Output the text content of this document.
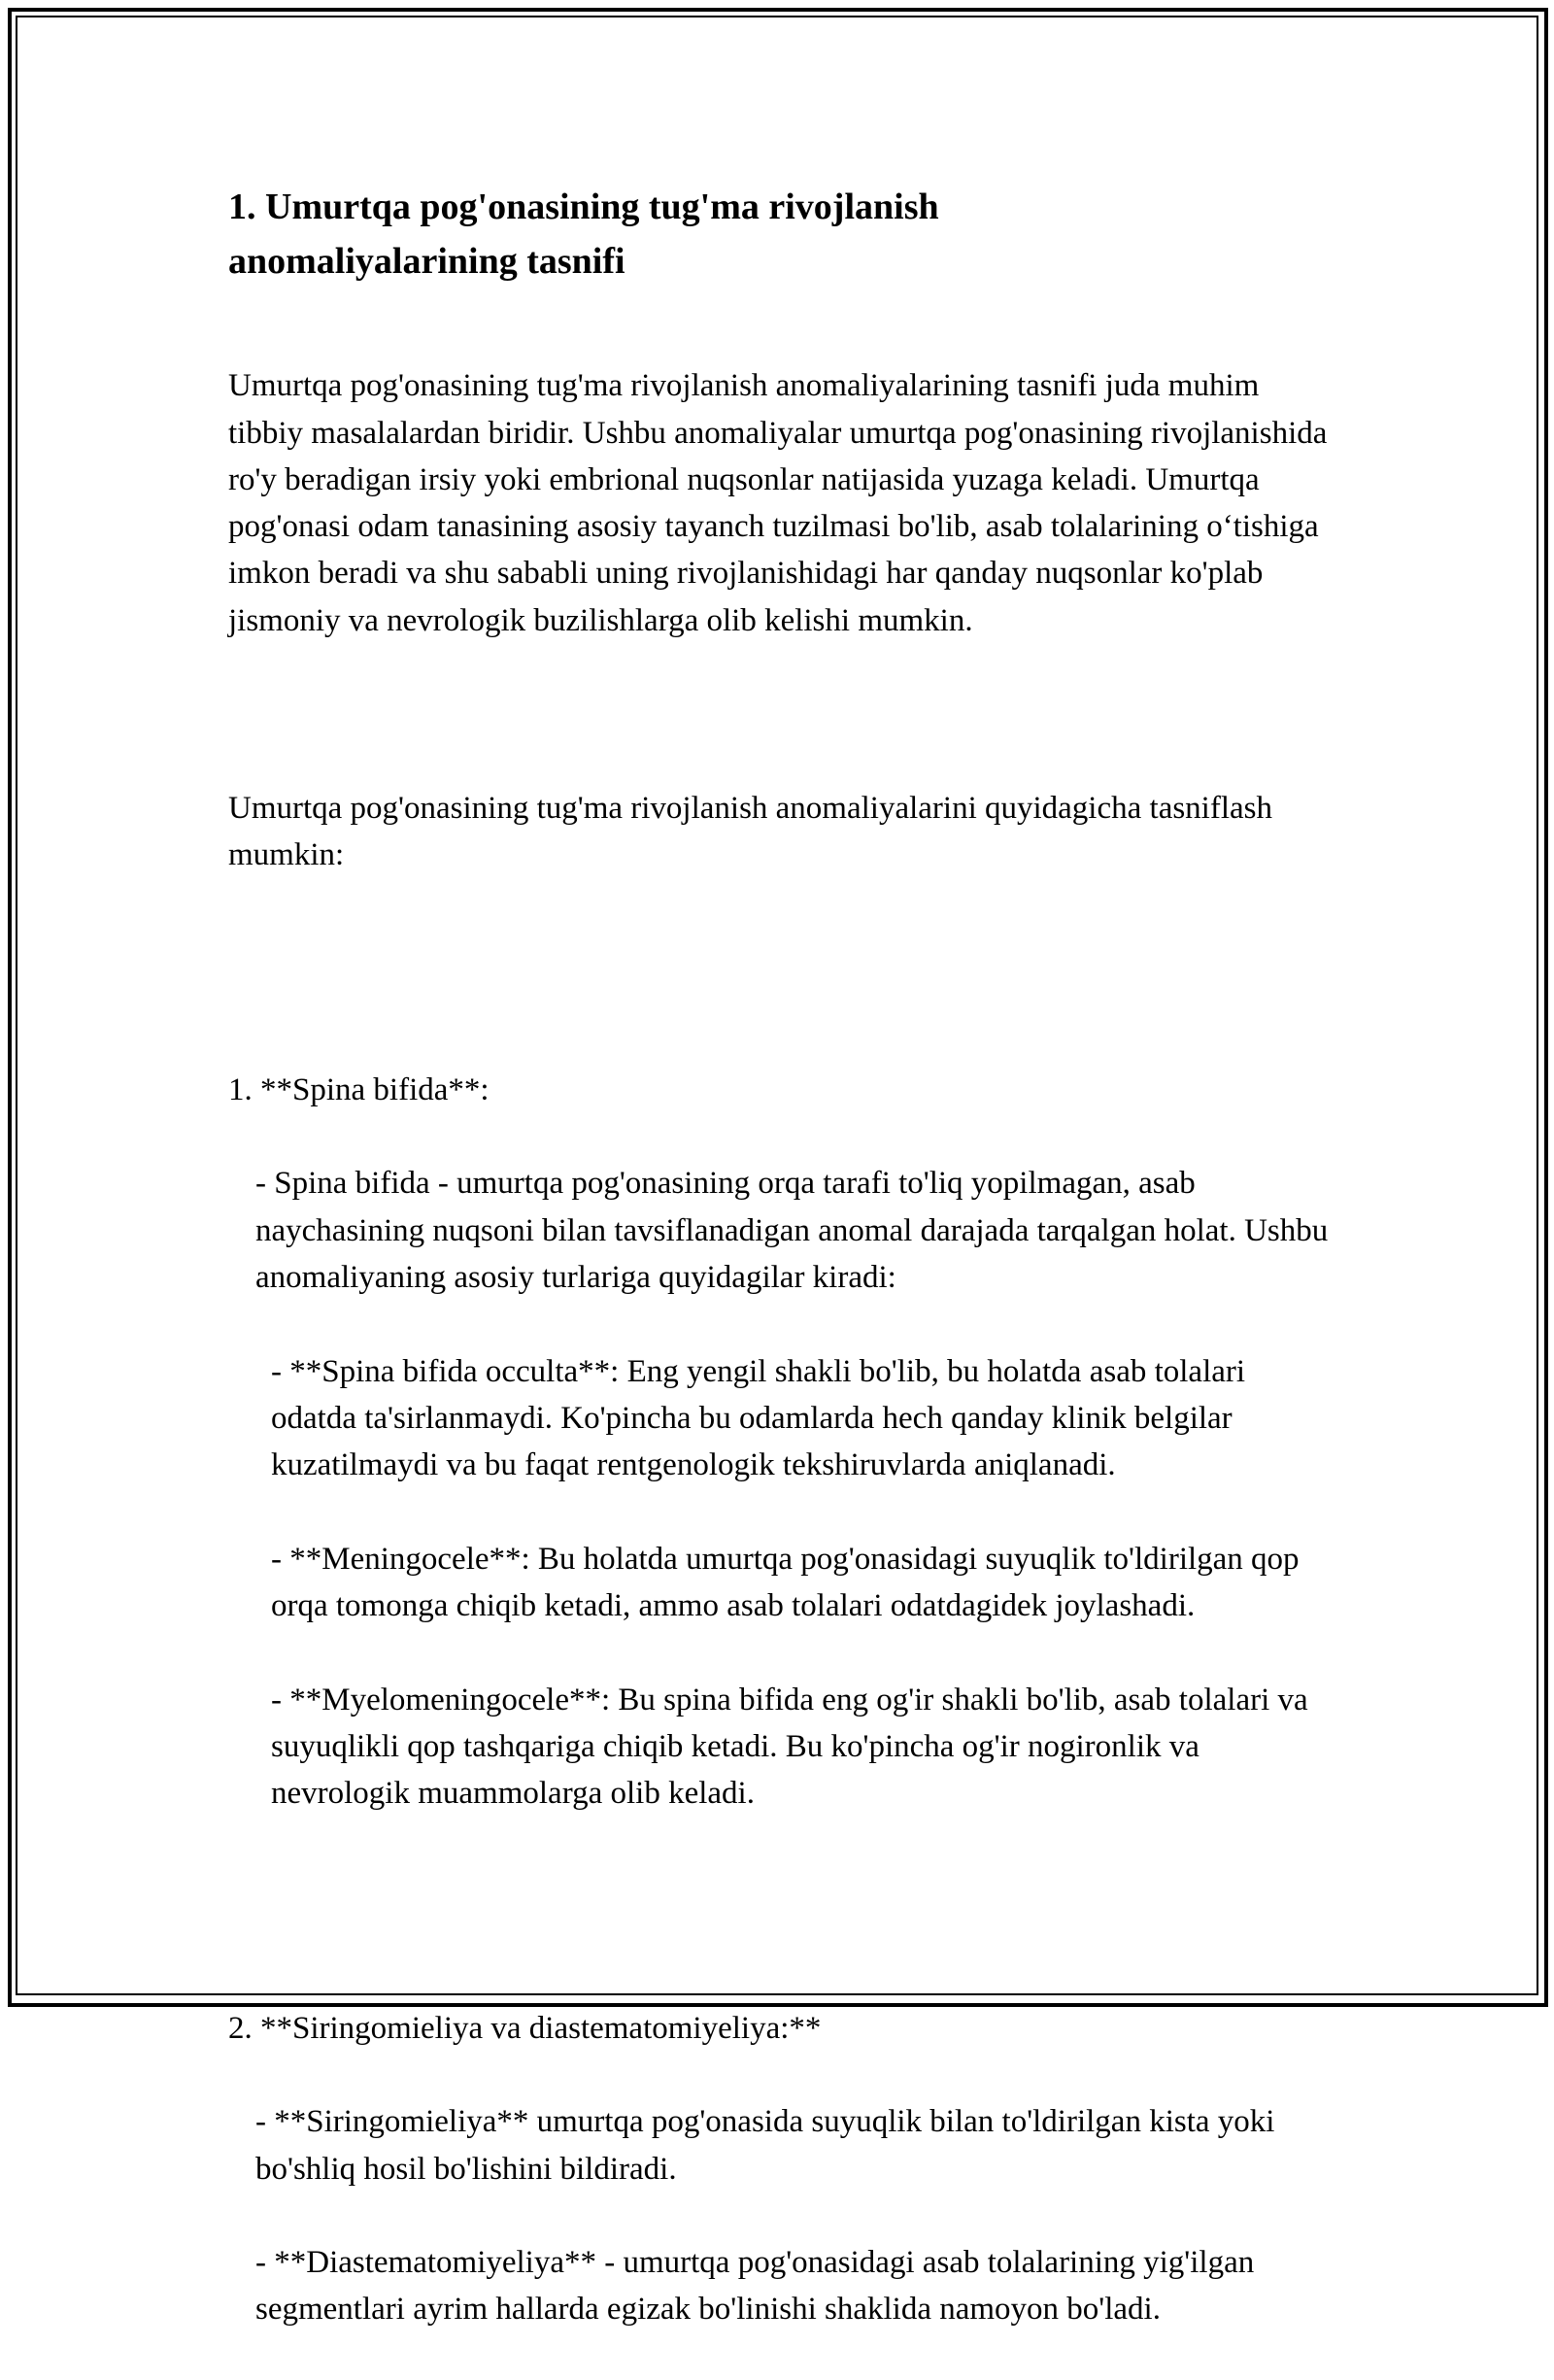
1. Umurtqa pog'onasining tug'ma rivojlanish anomaliyalarining tasnifi

Umurtqa pog'onasining tug'ma rivojlanish anomaliyalarining tasnifi juda muhim tibbiy masalalardan biridir. Ushbu anomaliyalar umurtqa pog'onasining rivojlanishida ro'y beradigan irsiy yoki embrional nuqsonlar natijasida yuzaga keladi. Umurtqa pog'onasi odam tanasining asosiy tayanch tuzilmasi bo'lib, asab tolalarining o‘tishiga imkon beradi va shu sababli uning rivojlanishidagi har qanday nuqsonlar ko'plab jismoniy va nevrologik buzilishlarga olib kelishi mumkin.

Umurtqa pog'onasining tug'ma rivojlanish anomaliyalarini quyidagicha tasniflash mumkin:

1. **Spina bifida**:

- Spina bifida - umurtqa pog'onasining orqa tarafi to'liq yopilmagan, asab naychasining nuqsoni bilan tavsiflanadigan anomal darajada tarqalgan holat. Ushbu anomaliyaning asosiy turlariga quyidagilar kiradi:

- **Spina bifida occulta**: Eng yengil shakli bo'lib, bu holatda asab tolalari odatda ta'sirlanmaydi. Ko'pincha bu odamlarda hech qanday klinik belgilar kuzatilmaydi va bu faqat rentgenologik tekshiruvlarda aniqlanadi.

- **Meningocele**: Bu holatda umurtqa pog'onasidagi suyuqlik to'ldirilgan qop orqa tomonga chiqib ketadi, ammo asab tolalari odatdagidek joylashadi.

- **Myelomeningocele**: Bu spina bifida eng og'ir shakli bo'lib, asab tolalari va suyuqlikli qop tashqariga chiqib ketadi. Bu ko'pincha og'ir nogironlik va nevrologik muammolarga olib keladi.

2. **Siringomieliya va diastematomiyeliya:**

- **Siringomieliya** umurtqa pog'onasida suyuqlik bilan to'ldirilgan kista yoki bo'shliq hosil bo'lishini bildiradi.

- **Diastematomiyeliya** - umurtqa pog'onasidagi asab tolalarining yig'ilgan segmentlari ayrim hallarda egizak bo'linishi shaklida namoyon bo'ladi.
